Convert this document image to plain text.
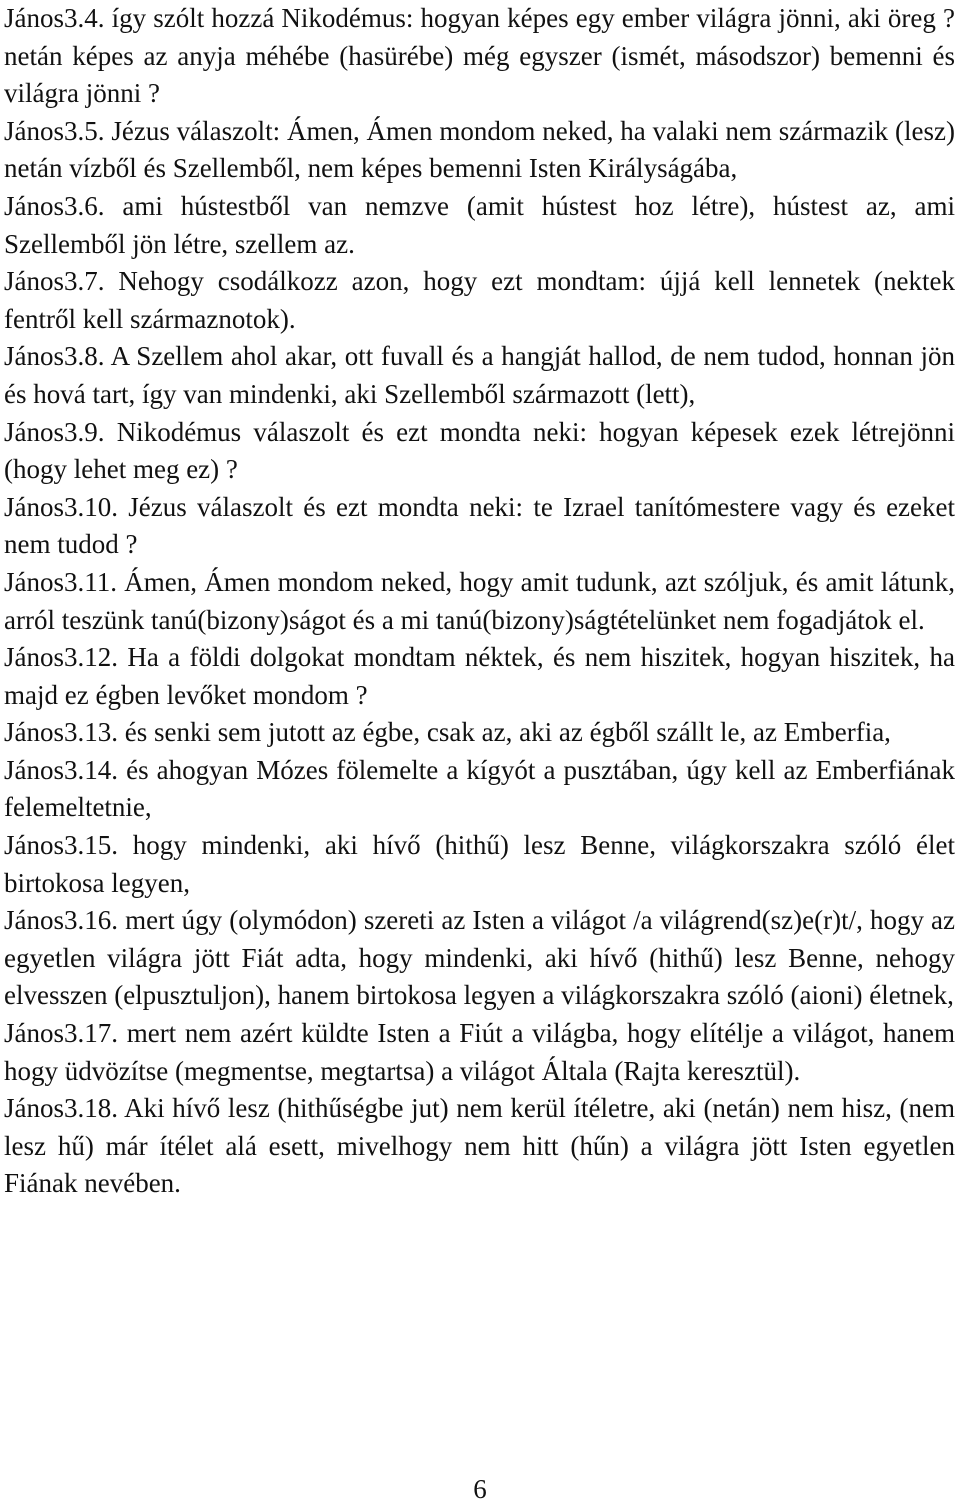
János3.4. így szólt hozzá Nikodémus: hogyan képes egy ember világra jönni, aki öreg ? netán képes az anyja méhébe (hasürébe) még egyszer (ismét, másodszor) bemenni és világra jönni ?

János3.5. Jézus válaszolt: Ámen, Ámen mondom neked, ha valaki nem származik (lesz) netán vízből és Szellemből, nem képes bemenni Isten Királyságába,

János3.6. ami hústestből van nemzve (amit hústest hoz létre), hústest az, ami Szellemből jön létre, szellem az.

János3.7. Nehogy csodálkozz azon, hogy ezt mondtam: újjá kell lennetek (nektek fentről kell származnotok).

János3.8. A Szellem ahol akar, ott fuvall és a hangját hallod, de nem tudod, honnan jön és hová tart, így van mindenki, aki Szellemből származott (lett),

János3.9. Nikodémus válaszolt és ezt mondta neki: hogyan képesek ezek létrejönni (hogy lehet meg ez) ?

János3.10. Jézus válaszolt és ezt mondta neki: te Izrael tanítómestere vagy és ezeket nem tudod ?

János3.11. Ámen, Ámen mondom neked, hogy amit tudunk, azt szóljuk, és amit látunk, arról teszünk tanú(bizony)ságot és a mi tanú(bizony)ságtételünket nem fogadjátok el.

János3.12. Ha a földi dolgokat mondtam néktek, és nem hiszitek, hogyan hiszitek, ha majd ez égben levőket mondom ?

János3.13. és senki sem jutott az égbe, csak az, aki az égből szállt le, az Emberfia,

János3.14. és ahogyan Mózes fölemelte a kígyót a pusztában, úgy kell az Emberfiának felemeltetnie,

János3.15. hogy mindenki, aki hívő (hithű) lesz Benne, világkorszakra szóló élet birtokosa legyen,

János3.16. mert úgy (olymódon) szereti az Isten a világot /a világrend(sz)e(r)t/, hogy az egyetlen világra jött Fiát adta, hogy mindenki, aki hívő (hithű) lesz Benne, nehogy elvesszen (elpusztuljon), hanem birtokosa legyen a világkorszakra szóló (aioni) életnek,

János3.17. mert nem azért küldte Isten a Fiút a világba, hogy elítélje a világot, hanem hogy üdvözítse (megmentse, megtartsa) a világot Általa (Rajta keresztül).

János3.18. Aki hívő lesz (hithűségbe jut) nem kerül ítéletre, aki (netán) nem hisz, (nem lesz hű) már ítélet alá esett, mivelhogy nem hitt (hűn) a világra jött Isten egyetlen Fiának nevében.

6
